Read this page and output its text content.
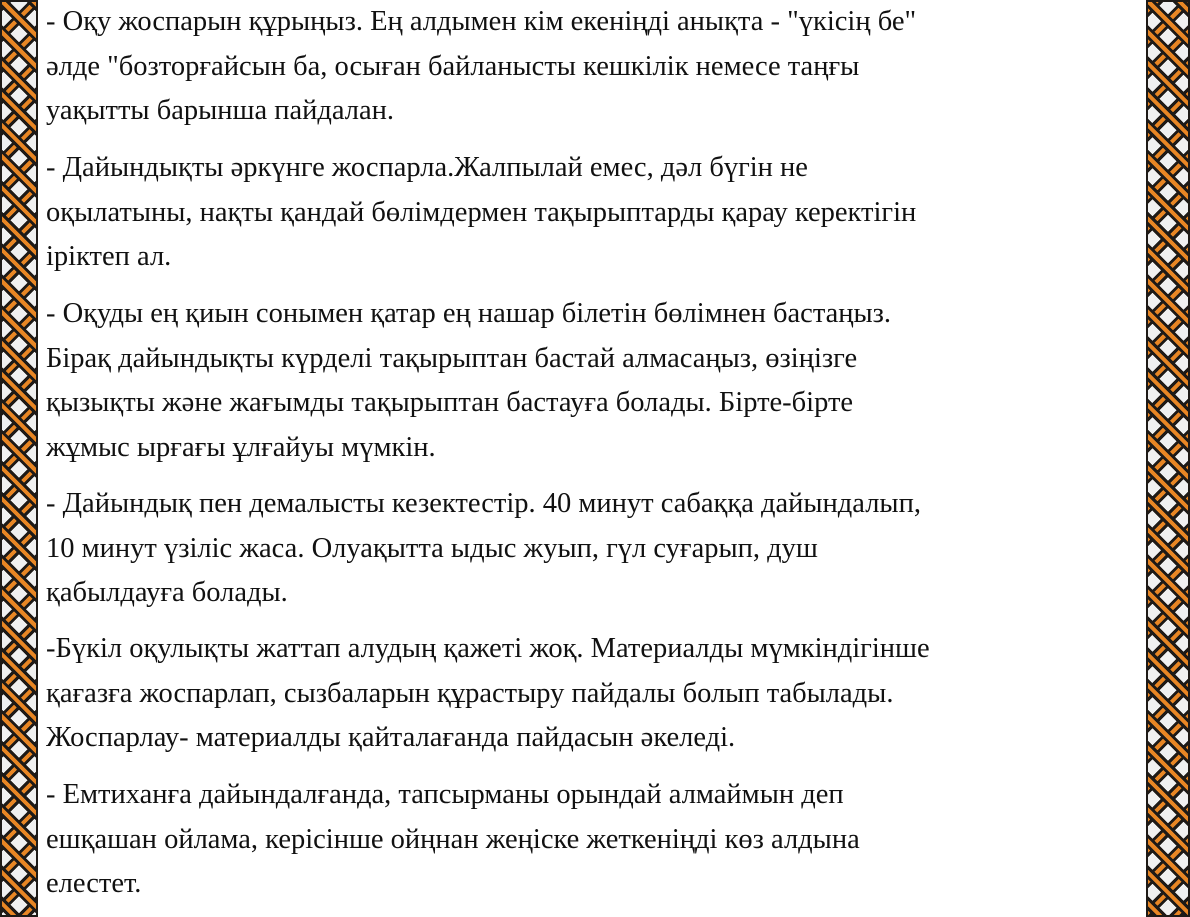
- Оқу жоспарын құрыңыз. Ең алдымен кім екеніңді анықта - "үкісің бе"
әлде "бозторғайсын ба, осыған байланысты кешкілік немесе таңғы
уақытты барынша пайдалан.

- Дайындықты әркүнге жоспарла.Жалпылай емес, дәл бүгін не
оқылатыны, нақты қандай бөлімдермен тақырыптарды қарау керектігін
іріктеп ал.

- Оқуды ең қиын сонымен қатар ең нашар білетін бөлімнен бастаңыз.
Бірақ дайындықты күрделі тақырыптан бастай алмасаңыз, өзіңізге
қызықты және жағымды тақырыптан бастауға болады. Бірте-бірте
жұмыс ырғағы ұлғайуы мүмкін.

- Дайындық пен демалысты кезектестір. 40 минут сабаққа дайындалып,
10 минут үзіліс жаса. Олуақытта ыдыс жуып, гүл суғарып, душ
қабылдауға болады.

-Бүкіл оқулықты жаттап алудың қажеті жоқ. Материалды мүмкіндігінше
қағазға жоспарлап, сызбаларын құрастыру пайдалы болып табылады.
Жоспарлау- материалды қайталағанда пайдасын әкеледі.

- Емтиханға дайындалғанда, тапсырманы орындай алмаймын деп
ешқашан ойлама, керісінше ойңнан жеңіске жеткеніңді көз алдына
елестет.
